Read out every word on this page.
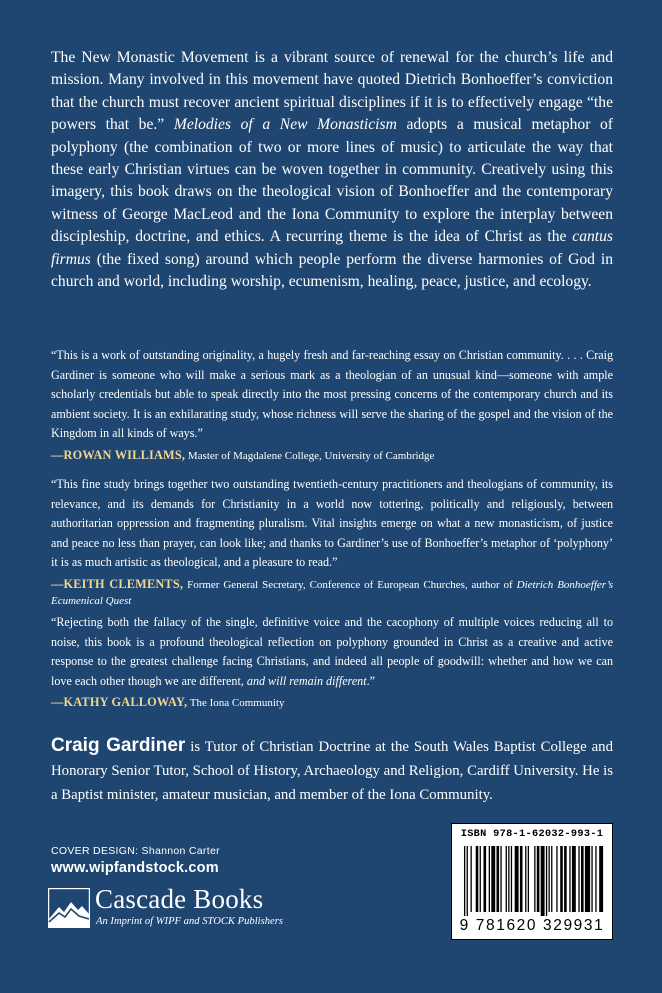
The New Monastic Movement is a vibrant source of renewal for the church’s life and mission. Many involved in this movement have quoted Dietrich Bonhoeffer’s conviction that the church must recover ancient spiritual disciplines if it is to effectively engage “the powers that be.” Melodies of a New Monasticism adopts a musical metaphor of polyphony (the combination of two or more lines of music) to articulate the way that these early Christian virtues can be woven together in community. Creatively using this imagery, this book draws on the theological vision of Bonhoeffer and the contemporary witness of George MacLeod and the Iona Community to explore the interplay between discipleship, doctrine, and ethics. A recurring theme is the idea of Christ as the cantus firmus (the fixed song) around which people perform the diverse harmonies of God in church and world, including worship, ecumenism, healing, peace, justice, and ecology.

“This is a work of outstanding originality, a hugely fresh and far-reaching essay on Christian community. . . . Craig Gardiner is someone who will make a serious mark as a theologian of an unusual kind—someone with ample scholarly credentials but able to speak directly into the most pressing concerns of the contemporary church and its ambient society. It is an exhilarating study, whose richness will serve the sharing of the gospel and the vision of the Kingdom in all kinds of ways.”

—ROWAN WILLIAMS, Master of Magdalene College, University of Cambridge

“This fine study brings together two outstanding twentieth-century practitioners and theologians of community, its relevance, and its demands for Christianity in a world now tottering, politically and religiously, between authoritarian oppression and fragmenting pluralism. Vital insights emerge on what a new monasticism, of justice and peace no less than prayer, can look like; and thanks to Gardiner’s use of Bonhoeffer’s metaphor of ‘polyphony’ it is as much artistic as theological, and a pleasure to read.”

—KEITH CLEMENTS, Former General Secretary, Conference of European Churches, author of Dietrich Bonhoeffer’s Ecumenical Quest

“Rejecting both the fallacy of the single, definitive voice and the cacophony of multiple voices reducing all to noise, this book is a profound theological reflection on polyphony grounded in Christ as a creative and active response to the greatest challenge facing Christians, and indeed all people of goodwill: whether and how we can love each other though we are different, and will remain different.”

—KATHY GALLOWAY, The Iona Community

Craig Gardiner is Tutor of Christian Doctrine at the South Wales Baptist College and Honorary Senior Tutor, School of History, Archaeology and Religion, Cardiff University. He is a Baptist minister, amateur musician, and member of the Iona Community.

COVER DESIGN: Shannon Carter
www.wipfandstock.com
Cascade Books
An Imprint of WIPF and STOCK Publishers
ISBN 978-1-62032-993-1
9 781620 329931
